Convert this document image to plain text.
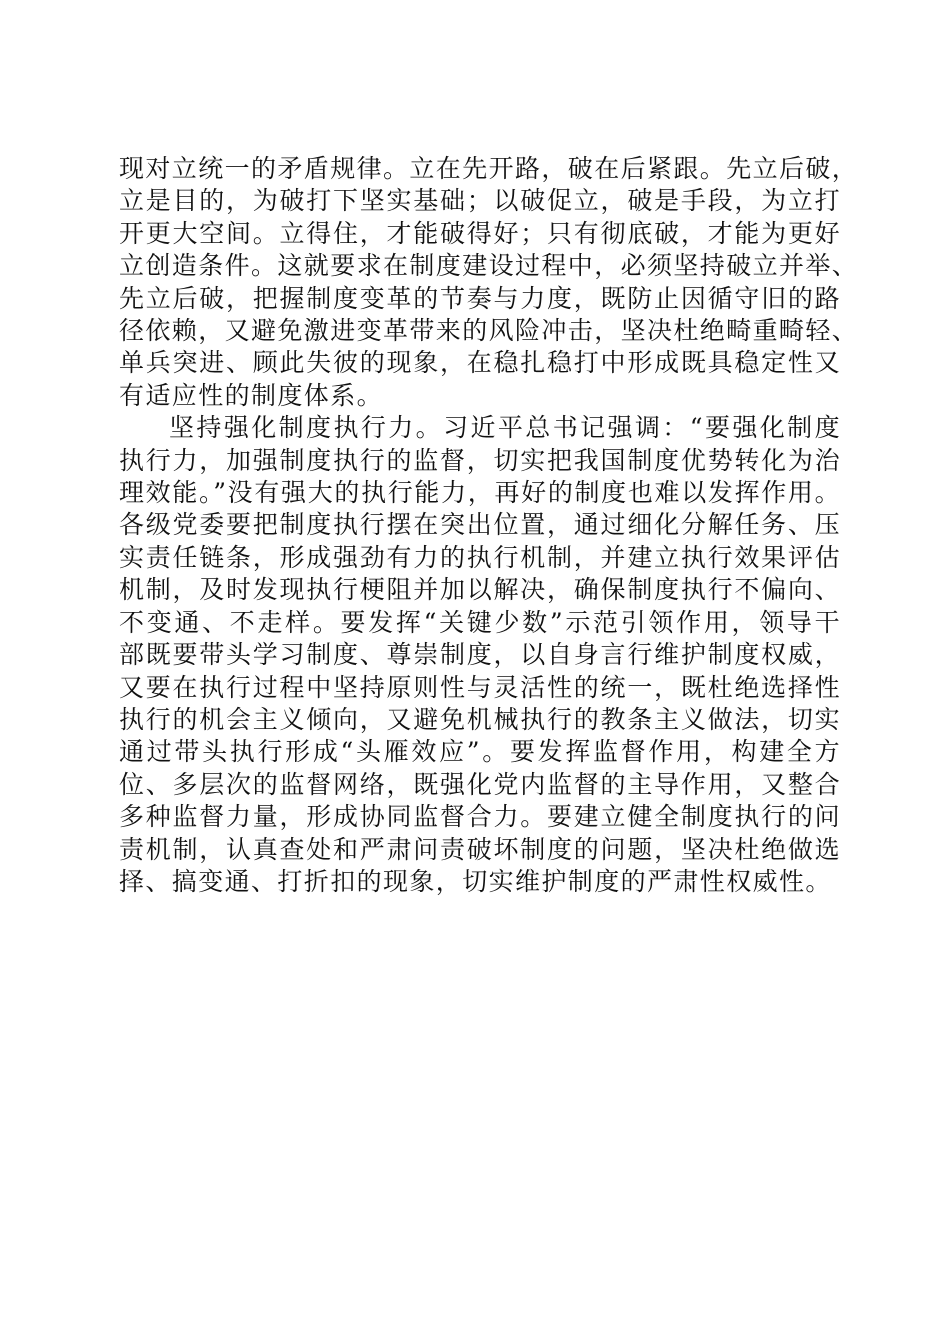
现对立统一的矛盾规律。立在先开路，破在后紧跟。先立后破，
立是目的，为破打下坚实基础；以破促立，破是手段，为立打
开更大空间。立得住，才能破得好；只有彻底破，才能为更好
立创造条件。这就要求在制度建设过程中，必须坚持破立并举、
先立后破，把握制度变革的节奏与力度，既防止因循守旧的路
径依赖，又避免激进变革带来的风险冲击，坚决杜绝畸重畸轻、
单兵突进、顾此失彼的现象，在稳扎稳打中形成既具稳定性又
有适应性的制度体系。

坚持强化制度执行力。习近平总书记强调：“要强化制度
执行力，加强制度执行的监督，切实把我国制度优势转化为治
理效能。”没有强大的执行能力，再好的制度也难以发挥作用。
各级党委要把制度执行摆在突出位置，通过细化分解任务、压
实责任链条，形成强劲有力的执行机制，并建立执行效果评估
机制，及时发现执行梗阻并加以解决，确保制度执行不偏向、
不变通、不走样。要发挥“关键少数”示范引领作用，领导干
部既要带头学习制度、尊崇制度，以自身言行维护制度权威，
又要在执行过程中坚持原则性与灵活性的统一，既杜绝选择性
执行的机会主义倾向，又避免机械执行的教条主义做法，切实
通过带头执行形成“头雁效应”。要发挥监督作用，构建全方
位、多层次的监督网络，既强化党内监督的主导作用，又整合
多种监督力量，形成协同监督合力。要建立健全制度执行的问
责机制，认真查处和严肃问责破坏制度的问题，坚决杜绝做选
择、搞变通、打折扣的现象，切实维护制度的严肃性权威性。
